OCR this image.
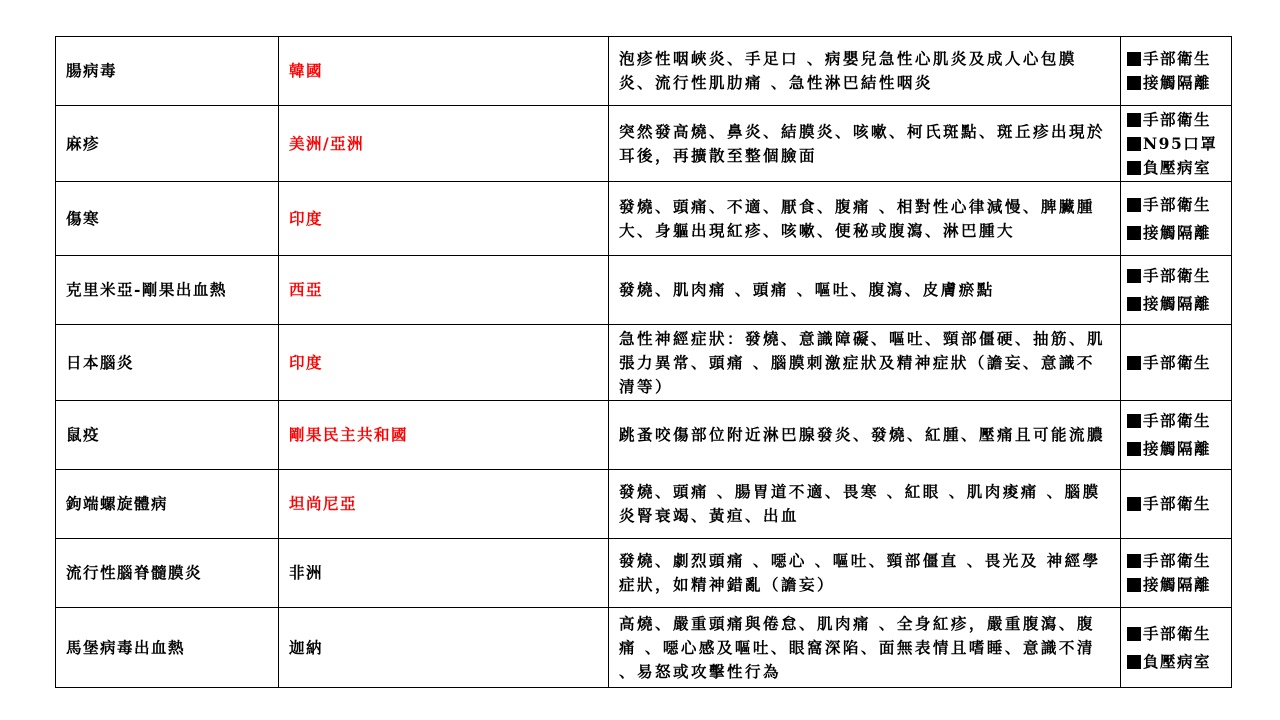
腸病毒	韓國	泡疹性咽峽炎、手足口 、病嬰兒急性心肌炎及成人心包膜炎、流行性肌肋痛 、急性淋巴結性咽炎	手部衛生
接觸隔離

麻疹	美洲/亞洲	突然發高燒、鼻炎、結膜炎、咳嗽、柯氏斑點、斑丘疹出現於耳後，再擴散至整個臉面	手部衛生
N95口罩
負壓病室

傷寒	印度	發燒、頭痛、不適、厭食、腹痛 、相對性心律減慢、脾臟腫大、身軀出現紅疹、咳嗽、便秘或腹瀉、淋巴腫大	手部衛生
接觸隔離

克里米亞-剛果出血熱	西亞	發燒、肌肉痛 、頭痛 、嘔吐、腹瀉、皮膚瘀點	手部衛生
接觸隔離

日本腦炎	印度	急性神經症狀：發燒、意識障礙、嘔吐、頸部僵硬、抽筋、肌張力異常、頭痛 、腦膜刺激症狀及精神症狀（譫妄、意識不清等）	手部衛生

鼠疫	剛果民主共和國	跳蚤咬傷部位附近淋巴腺發炎、發燒、紅腫、壓痛且可能流膿	手部衛生
接觸隔離

鉤端螺旋體病	坦尚尼亞	發燒、頭痛 、腸胃道不適、畏寒 、紅眼 、肌肉痠痛 、腦膜炎腎衰竭、黃疸、出血	手部衛生

流行性腦脊髓膜炎	非洲	發燒、劇烈頭痛 、噁心 、嘔吐、頸部僵直 、畏光及 神經學症狀，如精神錯亂（譫妄）	手部衛生
接觸隔離

馬堡病毒出血熱	迦納	高燒、嚴重頭痛與倦怠、肌肉痛 、全身紅疹，嚴重腹瀉、腹痛 、噁心感及嘔吐、眼窩深陷、面無表情且嗜睡、意識不清 、易怒或攻擊性行為	手部衛生
負壓病室
